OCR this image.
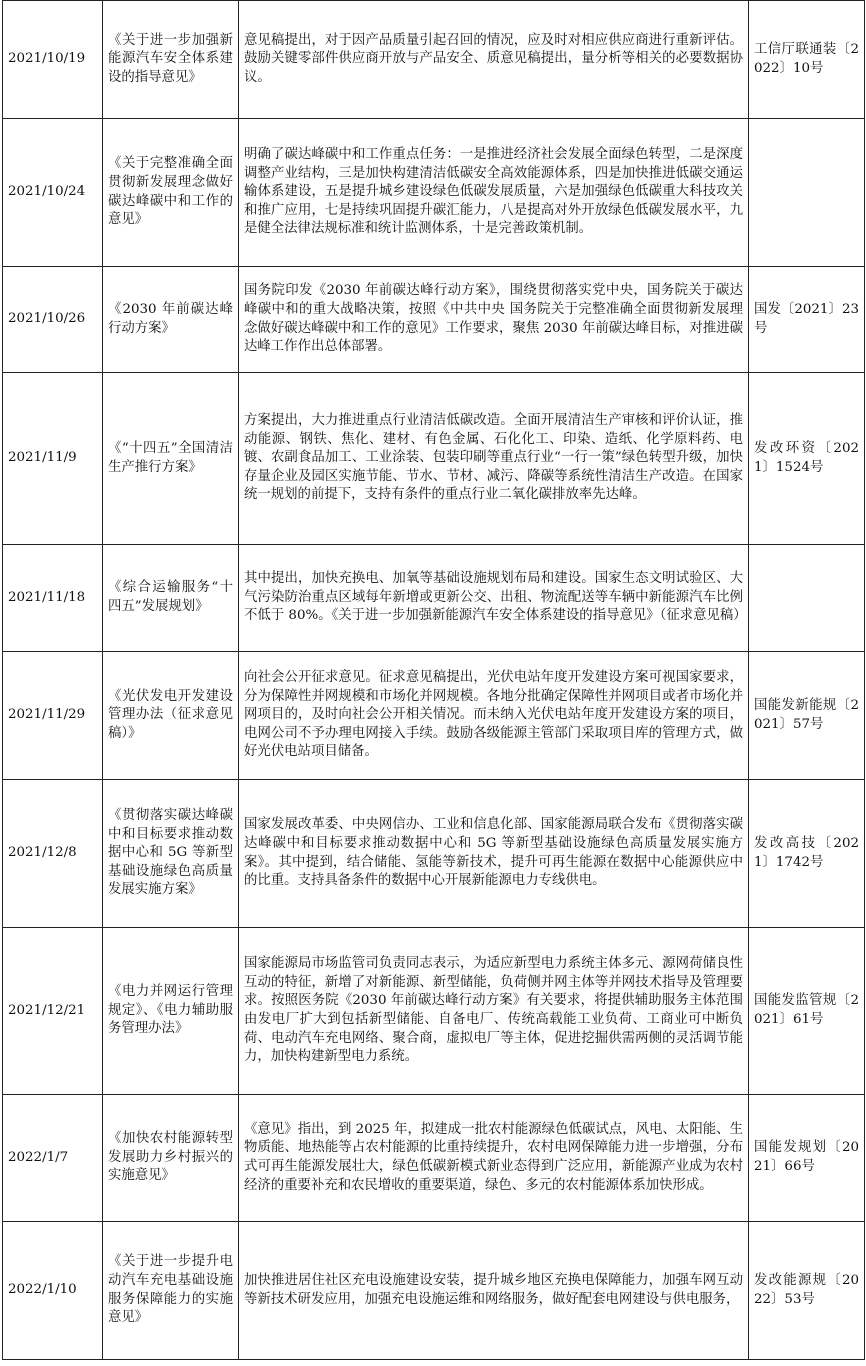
2021/10/19	《关于进一步加强新能源汽车安全体系建设的指导意见》	意见稿提出，对于因产品质量引起召回的情况，应及时对相应供应商进行重新评估。鼓励关键零部件供应商开放与产品安全、质意见稿提出，量分析等相关的必要数据协议。	工信厅联通装〔2022〕10号
2021/10/24	《关于完整准确全面贯彻新发展理念做好碳达峰碳中和工作的意见》	明确了碳达峰碳中和工作重点任务：一是推进经济社会发展全面绿色转型，二是深度调整产业结构，三是加快构建清洁低碳安全高效能源体系，四是加快推进低碳交通运输体系建设，五是提升城乡建设绿色低碳发展质量，六是加强绿色低碳重大科技攻关和推广应用，七是持续巩固提升碳汇能力，八是提高对外开放绿色低碳发展水平，九是健全法律法规标准和统计监测体系，十是完善政策机制。	
2021/10/26	《2030 年前碳达峰行动方案》	国务院印发《2030 年前碳达峰行动方案》，围绕贯彻落实党中央，国务院关于碳达峰碳中和的重大战略决策，按照《中共中央 国务院关于完整准确全面贯彻新发展理念做好碳达峰碳中和工作的意见》工作要求，聚焦 2030 年前碳达峰目标，对推进碳达峰工作作出总体部署。	国发〔2021〕23号
2021/11/9	《“十四五”全国清洁生产推行方案》	方案提出，大力推进重点行业清洁低碳改造。全面开展清洁生产审核和评价认证，推动能源、钢铁、焦化、建材、有色金属、石化化工、印染、造纸、化学原料药、电镀、农副食品加工、工业涂装、包装印刷等重点行业“一行一策”绿色转型升级，加快存量企业及园区实施节能、节水、节材、减污、降碳等系统性清洁生产改造。在国家统一规划的前提下，支持有条件的重点行业二氧化碳排放率先达峰。	发改环资〔2021〕1524号
2021/11/18	《综合运输服务“十四五”发展规划》	其中提出，加快充换电、加氧等基础设施规划布局和建设。国家生态文明试验区、大气污染防治重点区域每年新增或更新公交、出租、物流配送等车辆中新能源汽车比例不低于 80%。《关于进一步加强新能源汽车安全体系建设的指导意见》（征求意见稿）	
2021/11/29	《光伏发电开发建设管理办法（征求意见稿）》	向社会公开征求意见。征求意见稿提出，光伏电站年度开发建设方案可视国家要求，分为保障性并网规模和市场化并网规模。各地分批确定保障性并网项目或者市场化并网项目的，及时向社会公开相关情况。而未纳入光伏电站年度开发建设方案的项目，电网公司不予办理电网接入手续。鼓励各级能源主管部门采取项目库的管理方式，做好光伏电站项目储备。	国能发新能规〔2021〕57号
2021/12/8	《贯彻落实碳达峰碳中和目标要求推动数据中心和 5G 等新型基础设施绿色高质量发展实施方案》	国家发展改革委、中央网信办、工业和信息化部、国家能源局联合发布《贯彻落实碳达峰碳中和目标要求推动数据中心和 5G 等新型基础设施绿色高质量发展实施方案》。其中提到，结合储能、氢能等新技术，提升可再生能源在数据中心能源供应中的比重。支持具备条件的数据中心开展新能源电力专线供电。	发改高技〔2021〕1742号
2021/12/21	《电力并网运行管理规定》、《电力辅助服务管理办法》	国家能源局市场监管司负责同志表示，为适应新型电力系统主体多元、源网荷储良性互动的特征，新增了对新能源、新型储能，负荷侧并网主体等并网技术指导及管理要求。按照医务院《2030 年前碳达峰行动方案》有关要求，将提供辅助服务主体范围由发电厂扩大到包括新型储能、自备电厂、传统高载能工业负荷、工商业可中断负荷、电动汽车充电网络、聚合商，虚拟电厂等主体，促进挖掘供需两侧的灵活调节能力，加快构建新型电力系统。	国能发监管规〔2021〕61号
2022/1/7	《加快农村能源转型发展助力乡村振兴的实施意见》	《意见》指出，到 2025 年，拟建成一批农村能源绿色低碳试点，风电、太阳能、生物质能、地热能等占农村能源的比重持续提升，农村电网保障能力进一步增强，分布式可再生能源发展壮大，绿色低碳新模式新业态得到广泛应用，新能源产业成为农村经济的重要补充和农民增收的重要渠道，绿色、多元的农村能源体系加快形成。	国能发规划〔2021〕66号
2022/1/10	《关于进一步提升电动汽车充电基础设施服务保障能力的实施意见》	加快推进居住社区充电设施建设安装，提升城乡地区充换电保障能力，加强车网互动等新技术研发应用，加强充电设施运维和网络服务，做好配套电网建设与供电服务，	发改能源规〔2022〕53号
